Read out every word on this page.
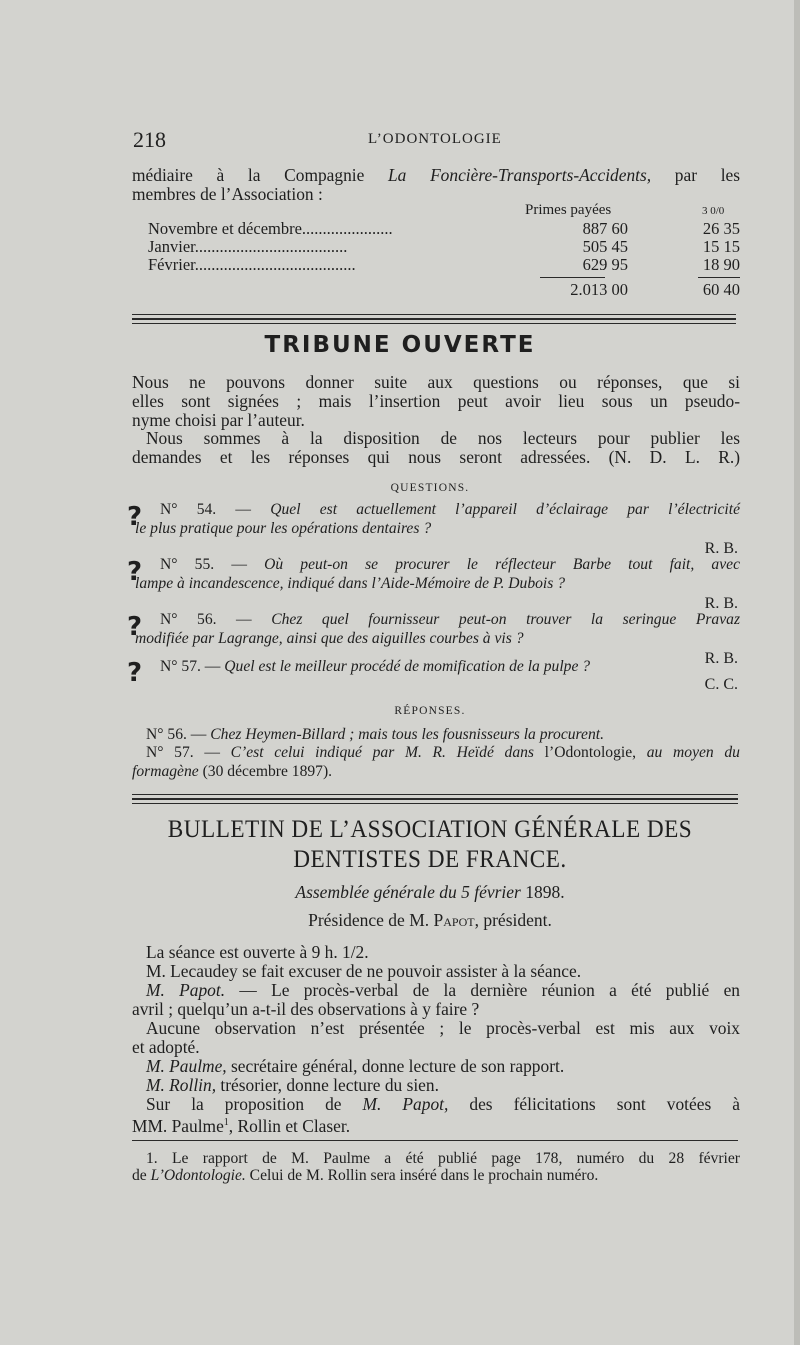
218	L’ODONTOLOGIE
médiaire à la Compagnie La Foncière-Transports-Accidents, par les
membres de l’Association :
Primes payées	3 0/0
Novembre et décembre......................	887 60	26 35
Janvier.....................................	505 45	15 15
Février.......................................	629 95	18 90
2.013 00	60 40
TRIBUNE OUVERTE
Nous ne pouvons donner suite aux questions ou réponses, que si
elles sont signées ; mais l’insertion peut avoir lieu sous un pseudo-
nyme choisi par l’auteur.
Nous sommes à la disposition de nos lecteurs pour publier les
demandes et les réponses qui nous seront adressées. (N. D. L. R.)
QUESTIONS.
? N° 54. — Quel est actuellement l’appareil d’éclairage par l’électricité
le plus pratique pour les opérations dentaires ?
R. B.
? N° 55. — Où peut-on se procurer le réflecteur Barbe tout fait, avec
lampe à incandescence, indiqué dans l’Aide-Mémoire de P. Dubois ?
R. B.
? N° 56. — Chez quel fournisseur peut-on trouver la seringue Pravaz
modifiée par Lagrange, ainsi que des aiguilles courbes à vis ?
R. B.
? N° 57. — Quel est le meilleur procédé de momification de la pulpe ?
C. C.
RÉPONSES.
N° 56. — Chez Heymen-Billard ; mais tous les fousnisseurs la procurent.
N° 57. — C’est celui indiqué par M. R. Heïdé dans l’Odontologie, au moyen du
formagène (30 décembre 1897).
BULLETIN DE L’ASSOCIATION GÉNÉRALE DES
DENTISTES DE FRANCE.
Assemblée générale du 5 février 1898.
Présidence de M. Papot, président.
La séance est ouverte à 9 h. 1/2.
M. Lecaudey se fait excuser de ne pouvoir assister à la séance.
M. Papot. — Le procès-verbal de la dernière réunion a été publié en
avril ; quelqu’un a-t-il des observations à y faire ?
Aucune observation n’est présentée ; le procès-verbal est mis aux voix
et adopté.
M. Paulme, secrétaire général, donne lecture de son rapport.
M. Rollin, trésorier, donne lecture du sien.
Sur la proposition de M. Papot, des félicitations sont votées à
MM. Paulme$^1$, Rollin et Claser.
1. Le rapport de M. Paulme a été publié page 178, numéro du 28 février
de L’Odontologie. Celui de M. Rollin sera inséré dans le prochain numéro.
